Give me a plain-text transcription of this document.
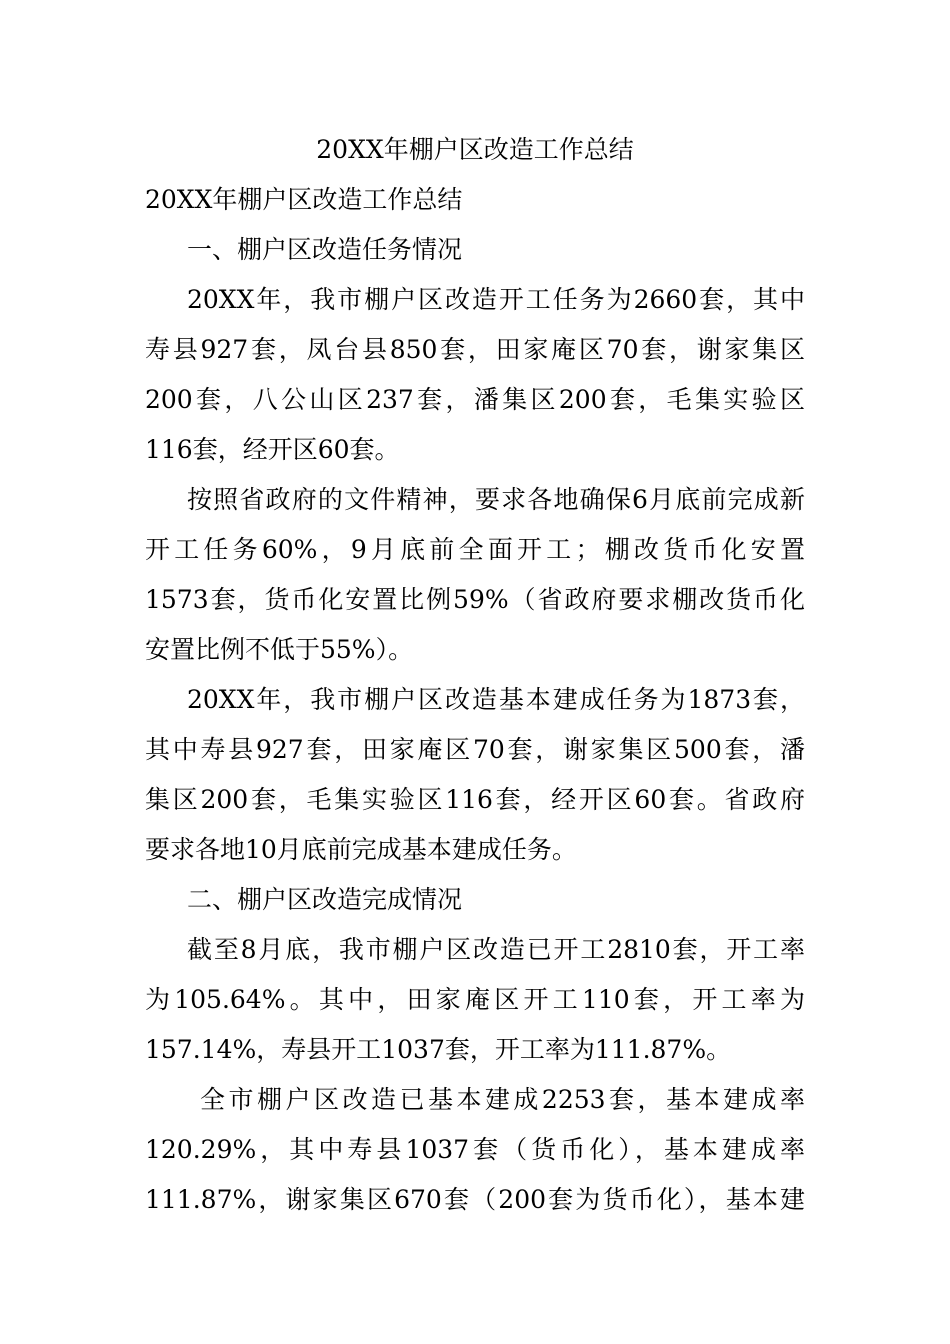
20XX年棚户区改造工作总结
20XX年棚户区改造工作总结
一、棚户区改造任务情况
20XX年，我市棚户区改造开工任务为2660套，其中
寿县927套，凤台县850套，田家庵区70套，谢家集区
200套，八公山区237套，潘集区200套，毛集实验区
116套，经开区60套。
按照省政府的文件精神，要求各地确保6月底前完成新
开工任务60%，9月底前全面开工；棚改货币化安置
1573套，货币化安置比例59%（省政府要求棚改货币化
安置比例不低于55%）。
20XX年，我市棚户区改造基本建成任务为1873套，
其中寿县927套，田家庵区70套，谢家集区500套，潘
集区200套，毛集实验区116套，经开区60套。省政府
要求各地10月底前完成基本建成任务。
二、棚户区改造完成情况
截至8月底，我市棚户区改造已开工2810套，开工率
为105.64%。其中，田家庵区开工110套，开工率为
157.14%，寿县开工1037套，开工率为111.87%。
全市棚户区改造已基本建成2253套，基本建成率
120.29%，其中寿县1037套（货币化），基本建成率
111.87%，谢家集区670套（200套为货币化），基本建
